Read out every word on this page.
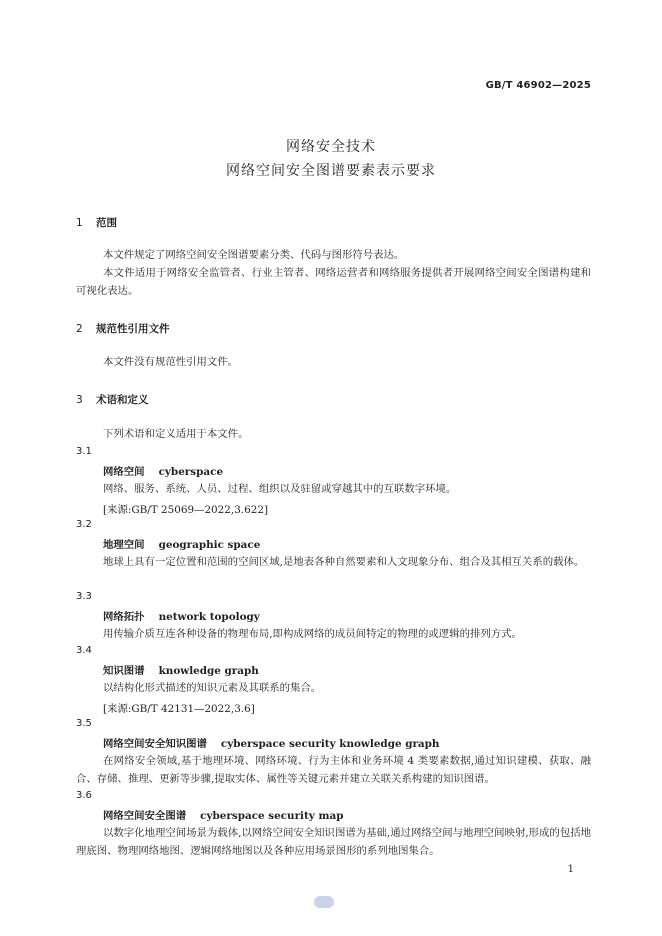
GB/T 46902—2025
网络安全技术
网络空间安全图谱要素表示要求
1 范围
本文件规定了网络空间安全图谱要素分类、代码与图形符号表达。
本文件适用于网络安全监管者、行业主管者、网络运营者和网络服务提供者开展网络空间安全图谱构建和可视化表达。
2 规范性引用文件
本文件没有规范性引用文件。
3 术语和定义
下列术语和定义适用于本文件。
3.1
网络空间 cyberspace
网络、服务、系统、人员、过程、组织以及驻留或穿越其中的互联数字环境。
[来源:GB/T 25069—2022,3.622]
3.2
地理空间 geographic space
地球上具有一定位置和范围的空间区域,是地表各种自然要素和人文现象分布、组合及其相互关系的载体。
3.3
网络拓扑 network topology
用传输介质互连各种设备的物理布局,即构成网络的成员间特定的物理的或逻辑的排列方式。
3.4
知识图谱 knowledge graph
以结构化形式描述的知识元素及其联系的集合。
[来源:GB/T 42131—2022,3.6]
3.5
网络空间安全知识图谱 cyberspace security knowledge graph
在网络安全领域,基于地理环境、网络环境、行为主体和业务环境 4 类要素数据,通过知识建模、获取、融合、存储、推理、更新等步骤,提取实体、属性等关键元素并建立关联关系构建的知识图谱。
3.6
网络空间安全图谱 cyberspace security map
以数字化地理空间场景为载体,以网络空间安全知识图谱为基础,通过网络空间与地理空间映射,形成的包括地理底图、物理网络地图、逻辑网络地图以及各种应用场景图形的系列地图集合。
1
